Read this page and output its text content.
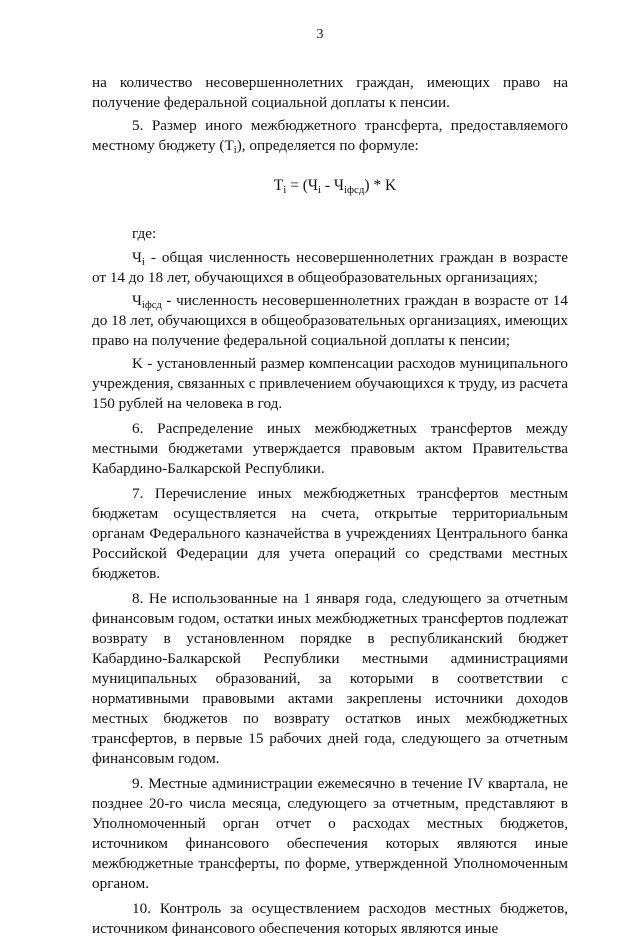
3

на количество несовершеннолетних граждан, имеющих право на получение федеральной социальной доплаты к пенсии.

5. Размер иного межбюджетного трансферта, предоставляемого местному бюджету $(T_i)$, определяется по формуле:

$T_i = (Ч_i - Ч_{iфсд}) * K$

где:

$Ч_i$ - общая численность несовершеннолетних граждан в возрасте от 14 до 18 лет, обучающихся в общеобразовательных организациях;

$Ч_{iфсд}$ - численность несовершеннолетних граждан в возрасте от 14 до 18 лет, обучающихся в общеобразовательных организациях, имеющих право на получение федеральной социальной доплаты к пенсии;

K - установленный размер компенсации расходов муниципального учреждения, связанных с привлечением обучающихся к труду, из расчета 150 рублей на человека в год.

6. Распределение иных межбюджетных трансфертов между местными бюджетами утверждается правовым актом Правительства Кабардино-Балкарской Республики.

7. Перечисление иных межбюджетных трансфертов местным бюджетам осуществляется на счета, открытые территориальным органам Федерального казначейства в учреждениях Центрального банка Российской Федерации для учета операций со средствами местных бюджетов.

8. Не использованные на 1 января года, следующего за отчетным финансовым годом, остатки иных межбюджетных трансфертов подлежат возврату в установленном порядке в республиканский бюджет Кабардино-Балкарской Республики местными администрациями муниципальных образований, за которыми в соответствии с нормативными правовыми актами закреплены источники доходов местных бюджетов по возврату остатков иных межбюджетных трансфертов, в первые 15 рабочих дней года, следующего за отчетным финансовым годом.

9. Местные администрации ежемесячно в течение IV квартала, не позднее 20-го числа месяца, следующего за отчетным, представляют в Уполномоченный орган отчет о расходах местных бюджетов, источником финансового обеспечения которых являются иные межбюджетные трансферты, по форме, утвержденной Уполномоченным органом.

10. Контроль за осуществлением расходов местных бюджетов, источником финансового обеспечения которых являются иные
